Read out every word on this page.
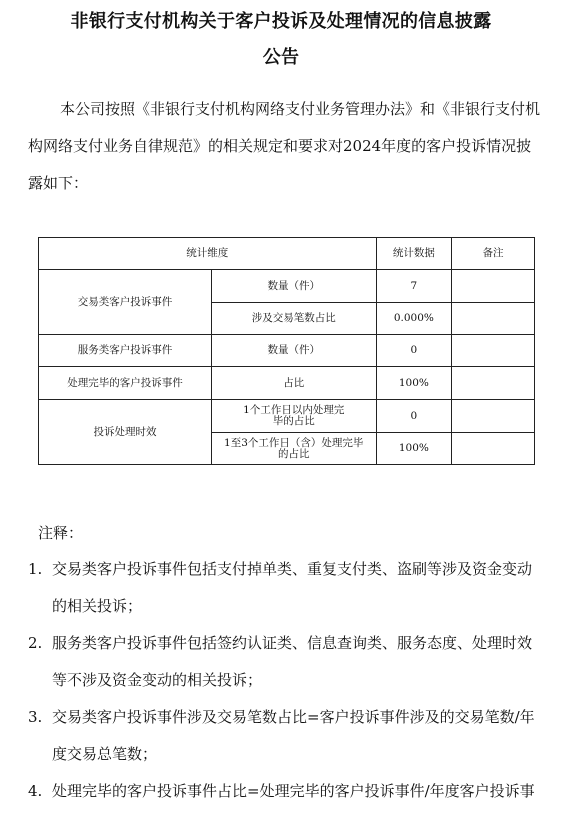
非银行支付机构关于客户投诉及处理情况的信息披露
公告
本公司按照《非银行支付机构网络支付业务管理办法》和《非银行支付机构网络支付业务自律规范》的相关规定和要求对2024年度的客户投诉情况披露如下：
统计维度		统计数据	备注
交易类客户投诉事件	数量（件）	7	
	涉及交易笔数占比	0.000%	
服务类客户投诉事件	数量（件）	0	
处理完毕的客户投诉事件	占比	100%	
投诉处理时效	1个工作日以内处理完毕的占比	0	
	1至3个工作日（含）处理完毕的占比	100%	
注释：
1. 交易类客户投诉事件包括支付掉单类、重复支付类、盗刷等涉及资金变动的相关投诉；
2. 服务类客户投诉事件包括签约认证类、信息查询类、服务态度、处理时效等不涉及资金变动的相关投诉；
3. 交易类客户投诉事件涉及交易笔数占比=客户投诉事件涉及的交易笔数/年度交易总笔数；
4. 处理完毕的客户投诉事件占比=处理完毕的客户投诉事件/年度客户投诉事
